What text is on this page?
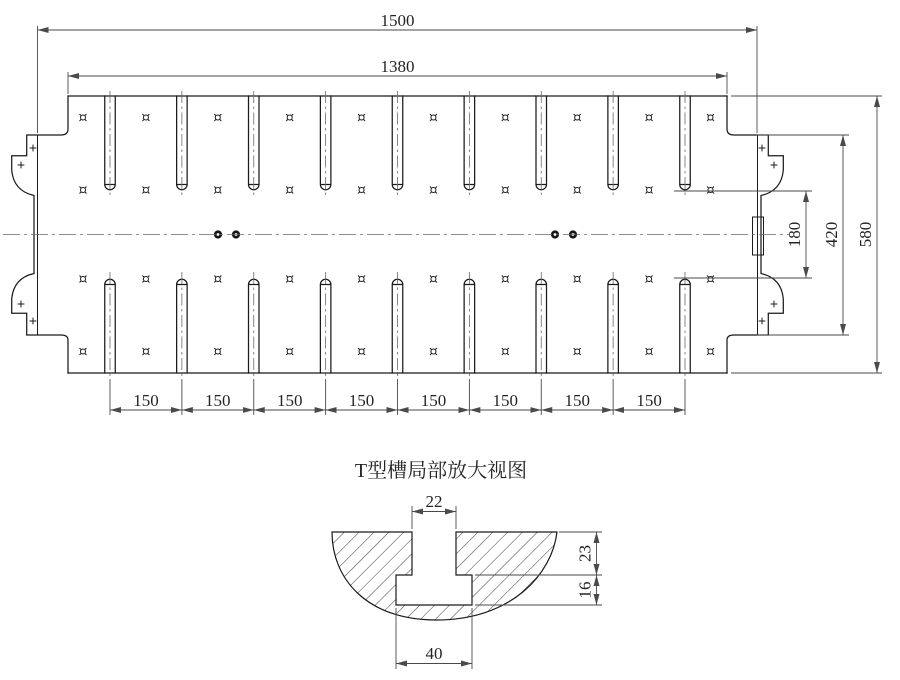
150	150	150	150	150	150	150	150
1500
1380
180 420 580
T型槽局部放大视图
22
40
23
16
